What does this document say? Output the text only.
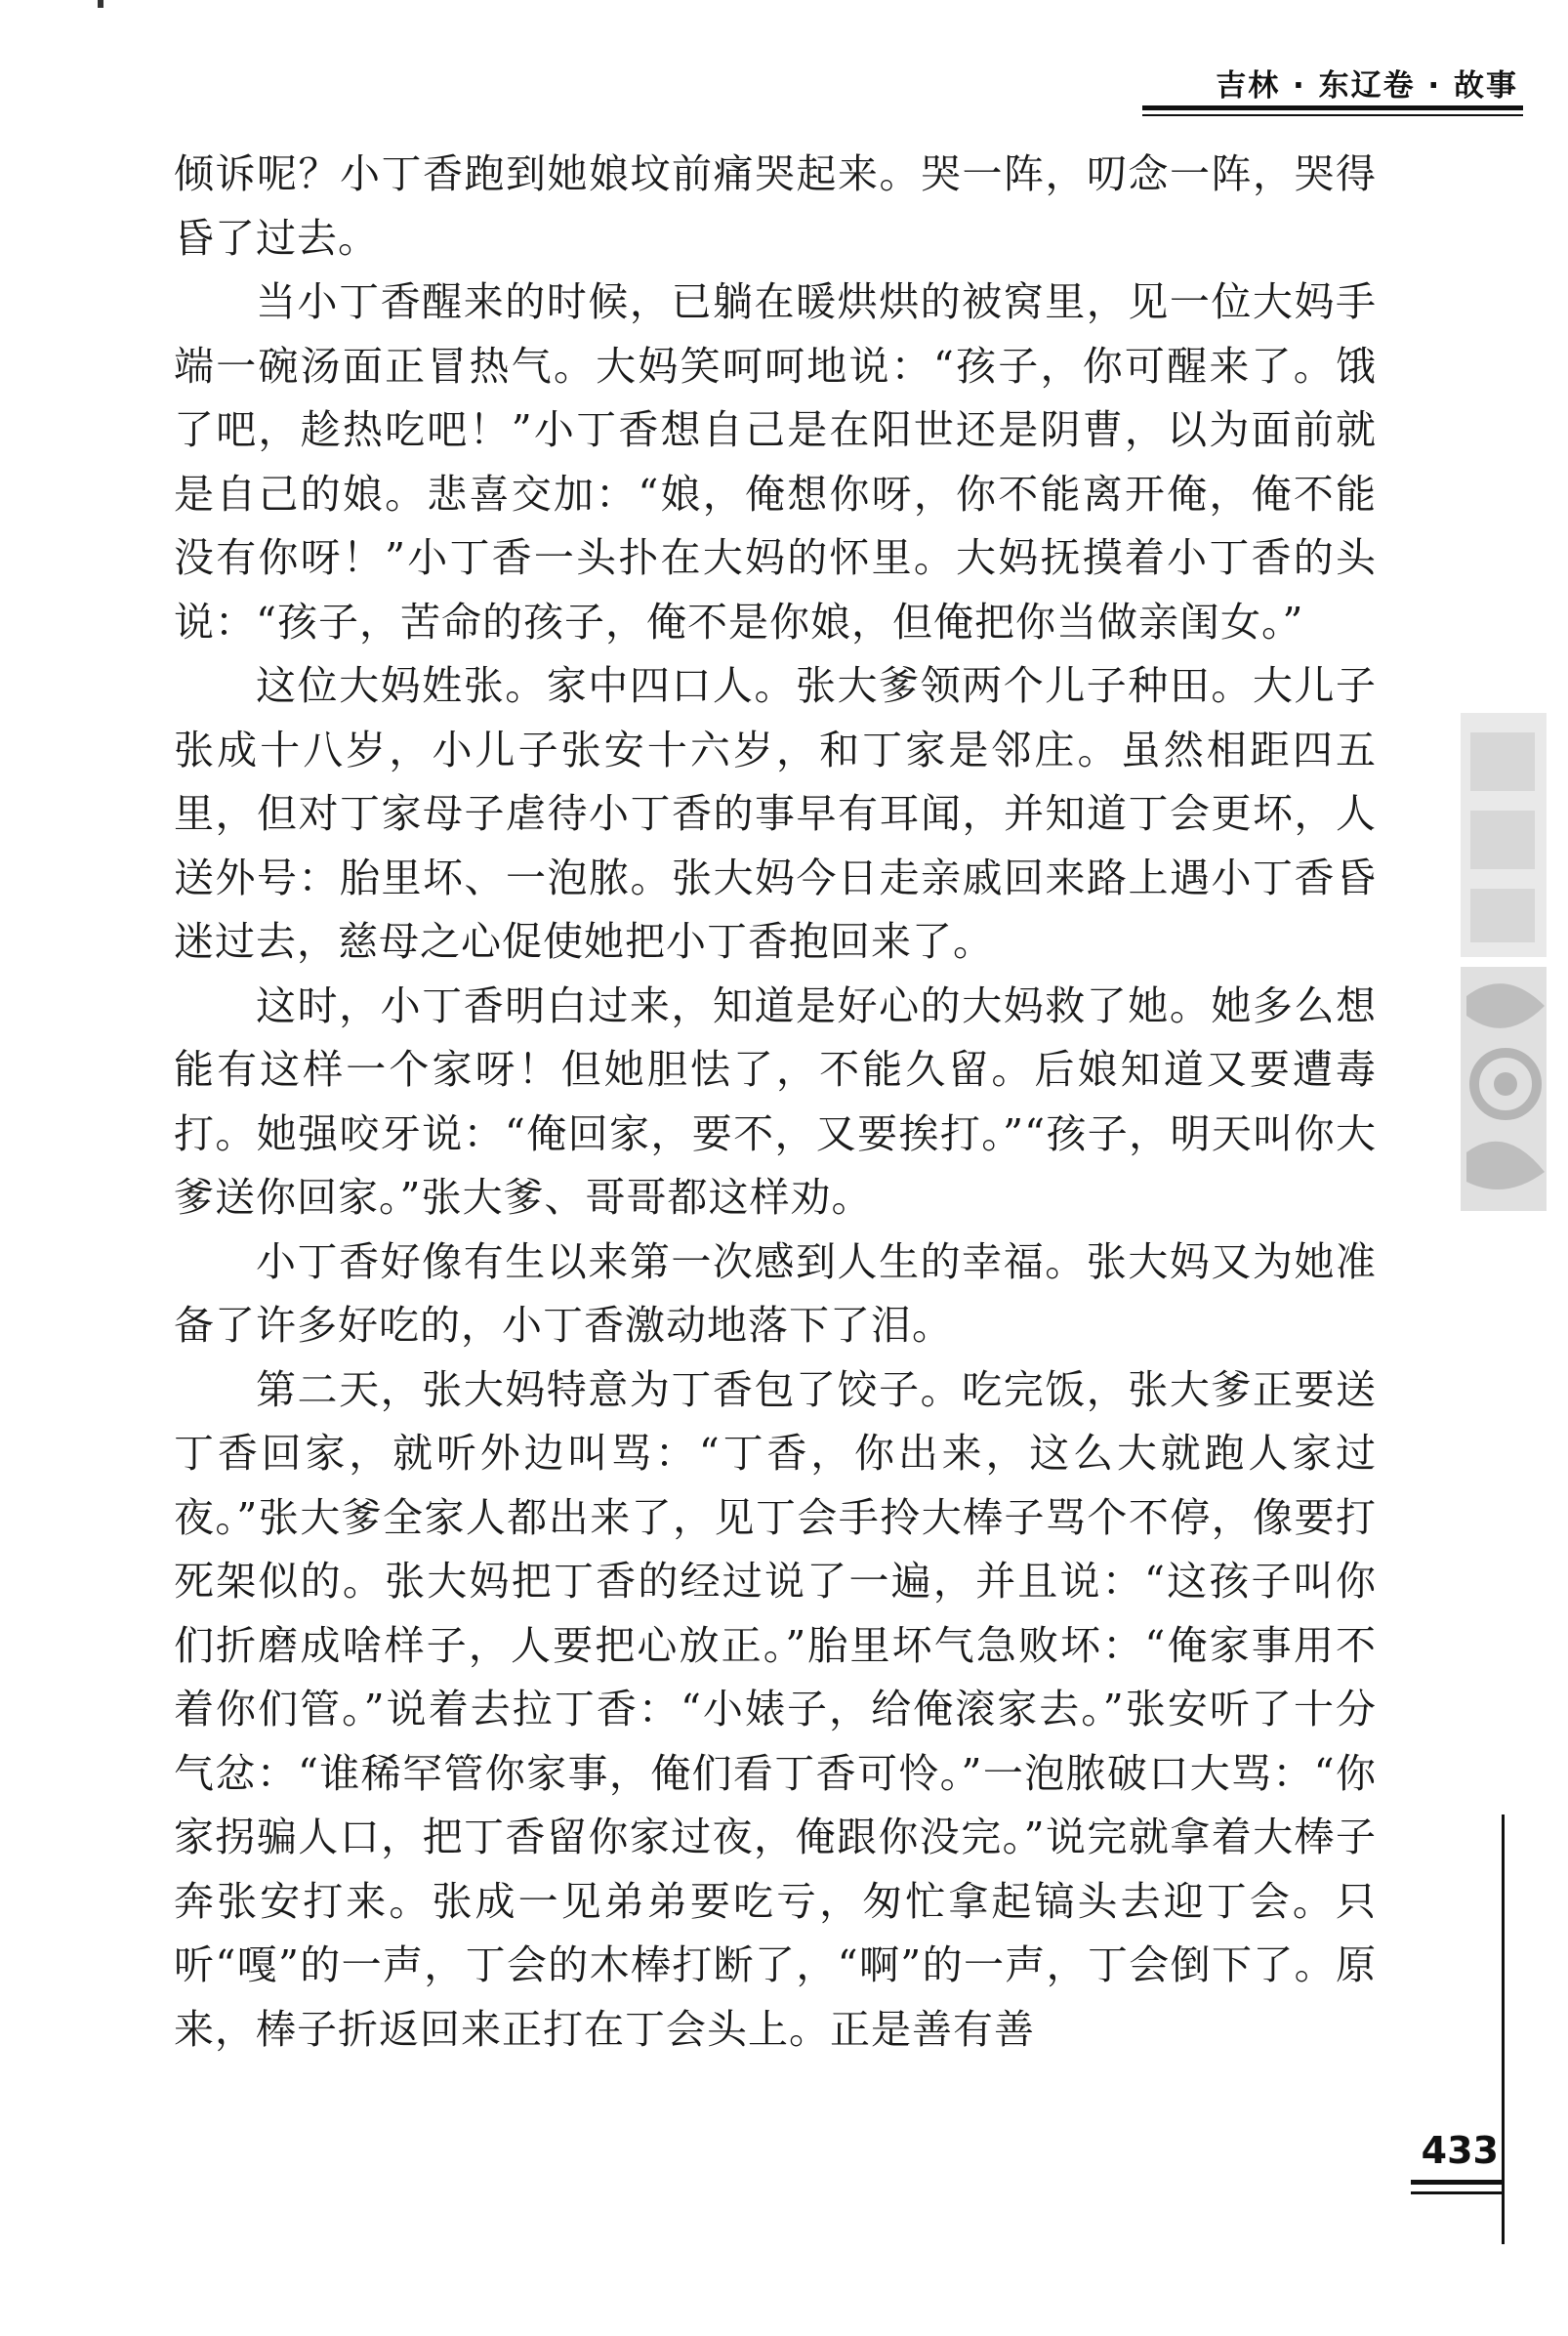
吉林 · 东辽卷 · 故事

倾诉呢？小丁香跑到她娘坟前痛哭起来。哭一阵，叨念一阵，哭得昏了过去。

当小丁香醒来的时候，已躺在暖烘烘的被窝里，见一位大妈手端一碗汤面正冒热气。大妈笑呵呵地说：“孩子，你可醒来了。饿了吧，趁热吃吧！”小丁香想自己是在阳世还是阴曹，以为面前就是自己的娘。悲喜交加：“娘，俺想你呀，你不能离开俺，俺不能没有你呀！”小丁香一头扑在大妈的怀里。大妈抚摸着小丁香的头说：“孩子，苦命的孩子，俺不是你娘，但俺把你当做亲闺女。”

这位大妈姓张。家中四口人。张大爹领两个儿子种田。大儿子张成十八岁，小儿子张安十六岁，和丁家是邻庄。虽然相距四五里，但对丁家母子虐待小丁香的事早有耳闻，并知道丁会更坏，人送外号：胎里坏、一泡脓。张大妈今日走亲戚回来路上遇小丁香昏迷过去，慈母之心促使她把小丁香抱回来了。

这时，小丁香明白过来，知道是好心的大妈救了她。她多么想能有这样一个家呀！但她胆怯了，不能久留。后娘知道又要遭毒打。她强咬牙说：“俺回家，要不，又要挨打。”“孩子，明天叫你大爹送你回家。”张大爹、哥哥都这样劝。

小丁香好像有生以来第一次感到人生的幸福。张大妈又为她准备了许多好吃的，小丁香激动地落下了泪。

第二天，张大妈特意为丁香包了饺子。吃完饭，张大爹正要送丁香回家，就听外边叫骂：“丁香，你出来，这么大就跑人家过夜。”张大爹全家人都出来了，见丁会手拎大棒子骂个不停，像要打死架似的。张大妈把丁香的经过说了一遍，并且说：“这孩子叫你们折磨成啥样子，人要把心放正。”胎里坏气急败坏：“俺家事用不着你们管。”说着去拉丁香：“小婊子，给俺滚家去。”张安听了十分气忿：“谁稀罕管你家事，俺们看丁香可怜。”一泡脓破口大骂：“你家拐骗人口，把丁香留你家过夜，俺跟你没完。”说完就拿着大棒子奔张安打来。张成一见弟弟要吃亏，匆忙拿起镐头去迎丁会。只听“嘎”的一声，丁会的木棒打断了，“啊”的一声，丁会倒下了。原来，棒子折返回来正打在丁会头上。正是善有善

433
